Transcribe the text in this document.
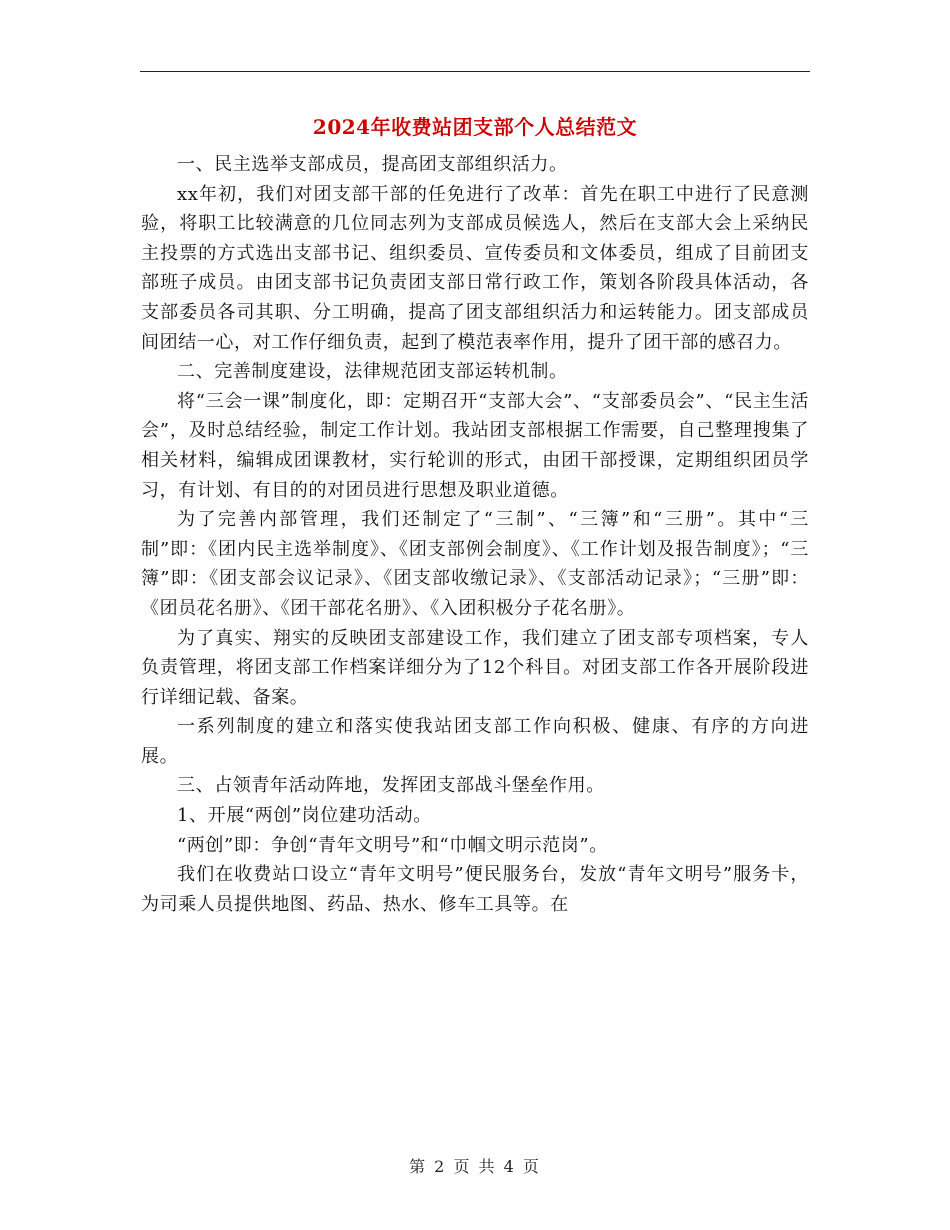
2024年收费站团支部个人总结范文

一、民主选举支部成员，提高团支部组织活力。

xx年初，我们对团支部干部的任免进行了改革：首先在职工中进行了民意测验，将职工比较满意的几位同志列为支部成员候选人，然后在支部大会上采纳民主投票的方式选出支部书记、组织委员、宣传委员和文体委员，组成了目前团支部班子成员。由团支部书记负责团支部日常行政工作，策划各阶段具体活动，各支部委员各司其职、分工明确，提高了团支部组织活力和运转能力。团支部成员间团结一心，对工作仔细负责，起到了模范表率作用，提升了团干部的感召力。

二、完善制度建设，法律规范团支部运转机制。

将“三会一课”制度化，即：定期召开“支部大会”、“支部委员会”、“民主生活会”，及时总结经验，制定工作计划。我站团支部根据工作需要，自己整理搜集了相关材料，编辑成团课教材，实行轮训的形式，由团干部授课，定期组织团员学习，有计划、有目的的对团员进行思想及职业道德。

为了完善内部管理，我们还制定了“三制”、“三簿”和“三册”。其中“三制”即：《团内民主选举制度》、《团支部例会制度》、《工作计划及报告制度》；“三簿”即：《团支部会议记录》、《团支部收缴记录》、《支部活动记录》；“三册”即：《团员花名册》、《团干部花名册》、《入团积极分子花名册》。

为了真实、翔实的反映团支部建设工作，我们建立了团支部专项档案，专人负责管理，将团支部工作档案详细分为了12个科目。对团支部工作各开展阶段进行详细记载、备案。

一系列制度的建立和落实使我站团支部工作向积极、健康、有序的方向进展。

三、占领青年活动阵地，发挥团支部战斗堡垒作用。

1、开展“两创”岗位建功活动。

“两创”即：争创“青年文明号”和“巾帼文明示范岗”。

我们在收费站口设立“青年文明号”便民服务台，发放“青年文明号”服务卡，为司乘人员提供地图、药品、热水、修车工具等。在

第 2 页 共 4 页
